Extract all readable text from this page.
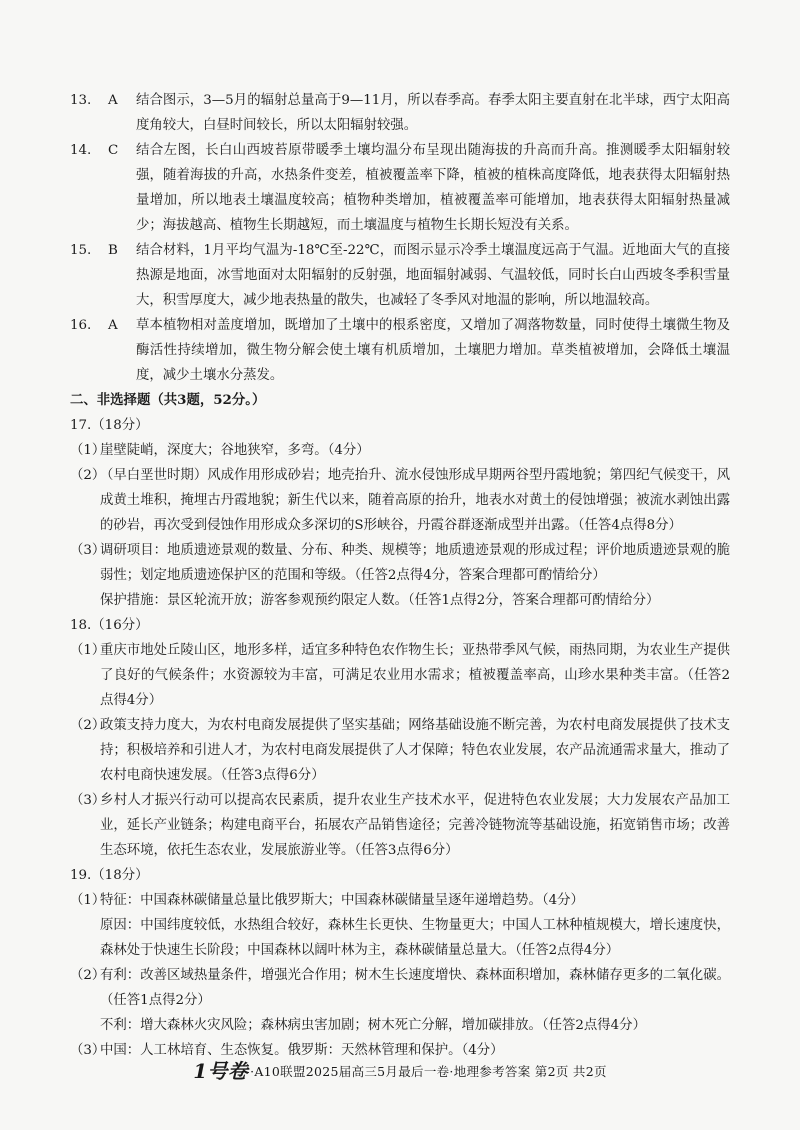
13.	A	结合图示，3—5月的辐射总量高于9—11月，所以春季高。春季太阳主要直射在北半球，西宁太阳高度角较大，白昼时间较长，所以太阳辐射较强。
14.	C	结合左图，长白山西坡苔原带暖季土壤均温分布呈现出随海拔的升高而升高。推测暖季太阳辐射较强，随着海拔的升高，水热条件变差，植被覆盖率下降，植被的植株高度降低，地表获得太阳辐射热量增加，所以地表土壤温度较高；植物种类增加，植被覆盖率可能增加，地表获得太阳辐射热量减少；海拔越高、植物生长期越短，而土壤温度与植物生长期长短没有关系。
15.	B	结合材料，1月平均气温为-18℃至-22℃，而图示显示冷季土壤温度远高于气温。近地面大气的直接热源是地面，冰雪地面对太阳辐射的反射强，地面辐射减弱、气温较低，同时长白山西坡冬季积雪量大，积雪厚度大，减少地表热量的散失，也减轻了冬季风对地温的影响，所以地温较高。
16.	A	草本植物相对盖度增加，既增加了土壤中的根系密度，又增加了凋落物数量，同时使得土壤微生物及酶活性持续增加，微生物分解会使土壤有机质增加，土壤肥力增加。草类植被增加，会降低土壤温度，减少土壤水分蒸发。
二、非选择题（共3题，52分。）
17.（18分）
（1）
崖壁陡峭，深度大；谷地狭窄，多弯。（4分）
（2）
（早白垩世时期）风成作用形成砂岩；地壳抬升、流水侵蚀形成早期两谷型丹霞地貌；第四纪气候变干，风成黄土堆积，掩埋古丹霞地貌；新生代以来，随着高原的抬升，地表水对黄土的侵蚀增强；被流水剥蚀出露的砂岩，再次受到侵蚀作用形成众多深切的S形峡谷，丹霞谷群逐渐成型并出露。（任答4点得8分）
（3）
调研项目：地质遗迹景观的数量、分布、种类、规模等；地质遗迹景观的形成过程；评价地质遗迹景观的脆弱性；划定地质遗迹保护区的范围和等级。（任答2点得4分，答案合理都可酌情给分）
保护措施：景区轮流开放；游客参观预约限定人数。（任答1点得2分，答案合理都可酌情给分）
18.（16分）
（1）
重庆市地处丘陵山区，地形多样，适宜多种特色农作物生长；亚热带季风气候，雨热同期，为农业生产提供了良好的气候条件；水资源较为丰富，可满足农业用水需求；植被覆盖率高，山珍水果种类丰富。（任答2点得4分）
（2）
政策支持力度大，为农村电商发展提供了坚实基础；网络基础设施不断完善，为农村电商发展提供了技术支持；积极培养和引进人才，为农村电商发展提供了人才保障；特色农业发展，农产品流通需求量大，推动了农村电商快速发展。（任答3点得6分）
（3）
乡村人才振兴行动可以提高农民素质，提升农业生产技术水平，促进特色农业发展；大力发展农产品加工业，延长产业链条；构建电商平台，拓展农产品销售途径；完善冷链物流等基础设施，拓宽销售市场；改善生态环境，依托生态农业，发展旅游业等。（任答3点得6分）
19.（18分）
（1）
特征：中国森林碳储量总量比俄罗斯大；中国森林碳储量呈逐年递增趋势。（4分）
原因：中国纬度较低，水热组合较好，森林生长更快、生物量更大；中国人工林种植规模大，增长速度快，森林处于快速生长阶段；中国森林以阔叶林为主，森林碳储量总量大。（任答2点得4分）
（2）
有利：改善区域热量条件，增强光合作用；树木生长速度增快、森林面积增加，森林储存更多的二氧化碳。（任答1点得2分）
不利：增大森林火灾风险；森林病虫害加剧；树木死亡分解，增加碳排放。（任答2点得4分）
（3）
中国：人工林培育、生态恢复。俄罗斯：天然林管理和保护。（4分）
1号卷 ·A10联盟2025届高三5月最后一卷·地理参考答案 第2页 共2页
